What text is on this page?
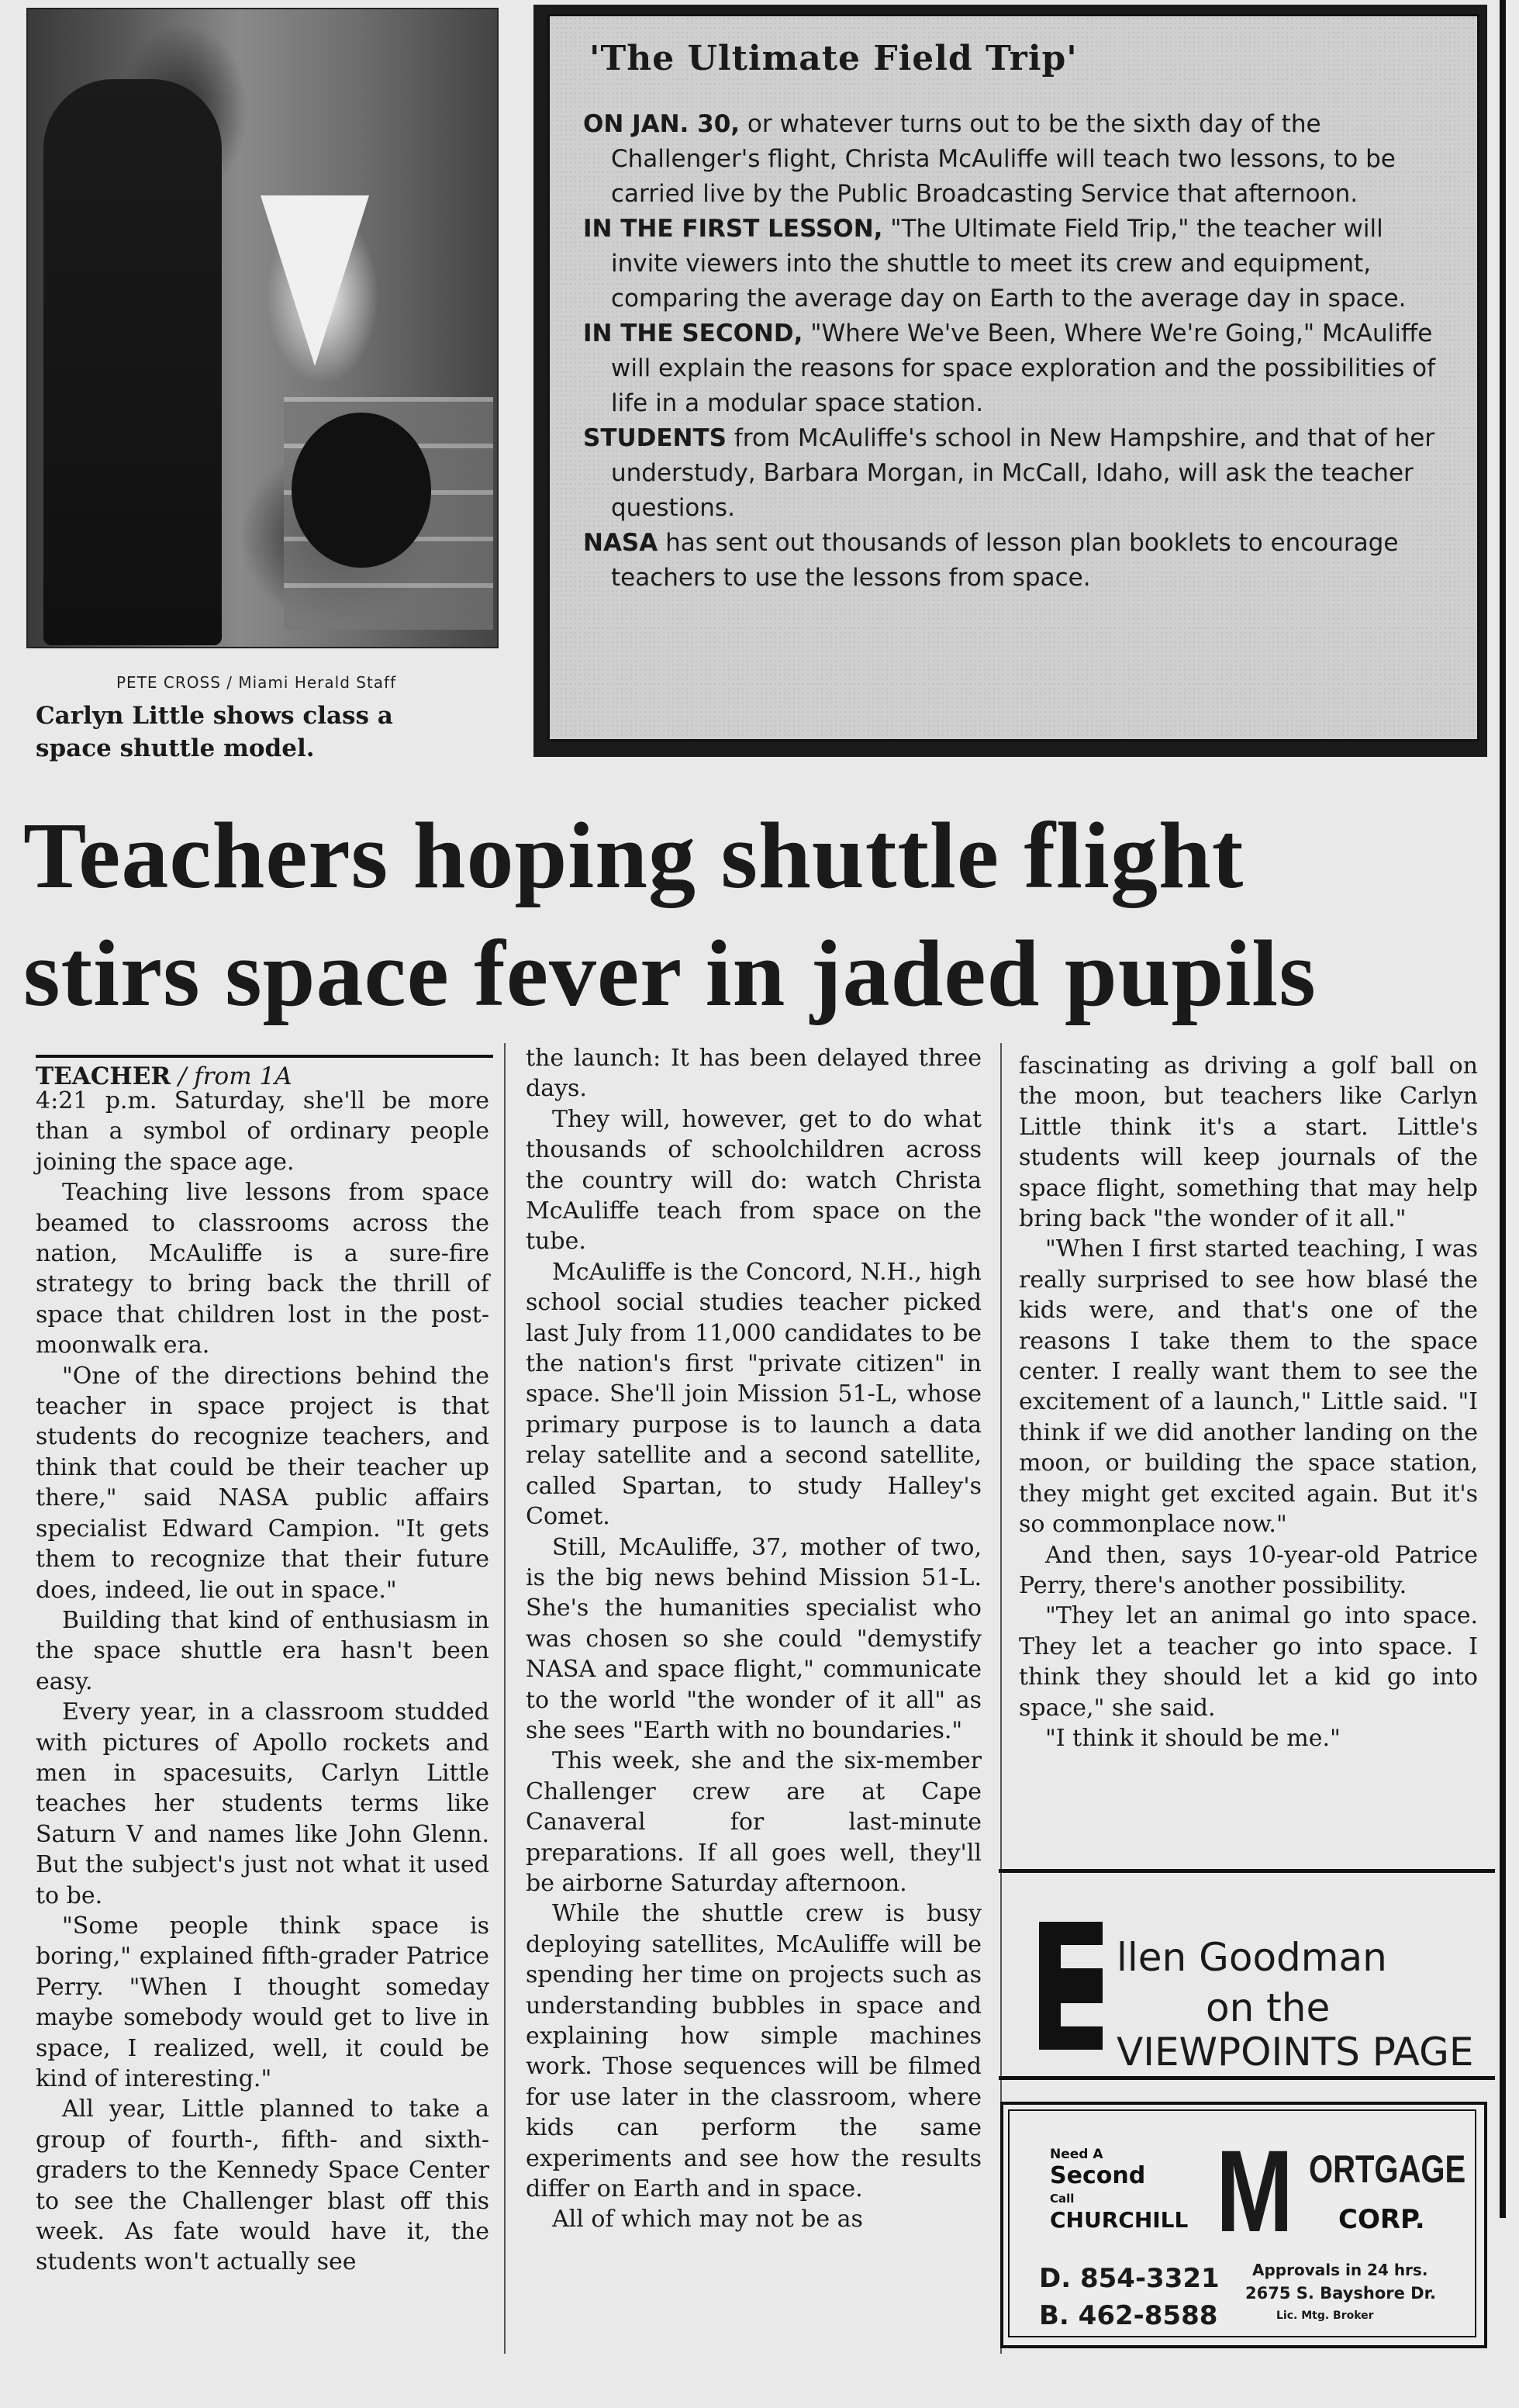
PETE CROSS / Miami Herald Staff
Carlyn Little shows class a
space shuttle model.
'The Ultimate Field Trip'

ON JAN. 30, or whatever turns out to be the sixth day of the Challenger's flight, Christa McAuliffe will teach two lessons, to be carried live by the Public Broadcasting Service that afternoon.

IN THE FIRST LESSON, "The Ultimate Field Trip," the teacher will invite viewers into the shuttle to meet its crew and equipment, comparing the average day on Earth to the average day in space.

IN THE SECOND, "Where We've Been, Where We're Going," McAuliffe will explain the reasons for space exploration and the possibilities of life in a modular space station.

STUDENTS from McAuliffe's school in New Hampshire, and that of her understudy, Barbara Morgan, in McCall, Idaho, will ask the teacher questions.

NASA has sent out thousands of lesson plan booklets to encourage teachers to use the lessons from space.

Teachers hoping shuttle flight
stirs space fever in jaded pupils
TEACHER / from 1A

4:21 p.m. Saturday, she'll be more than a symbol of ordinary people joining the space age.

Teaching live lessons from space beamed to classrooms across the nation, McAuliffe is a sure-fire strategy to bring back the thrill of space that children lost in the post-moonwalk era.

"One of the directions behind the teacher in space project is that students do recognize teachers, and think that could be their teacher up there," said NASA public affairs specialist Edward Campion. "It gets them to recognize that their future does, indeed, lie out in space."

Building that kind of enthusiasm in the space shuttle era hasn't been easy.

Every year, in a classroom studded with pictures of Apollo rockets and men in spacesuits, Carlyn Little teaches her students terms like Saturn V and names like John Glenn. But the subject's just not what it used to be.

"Some people think space is boring," explained fifth-grader Patrice Perry. "When I thought someday maybe somebody would get to live in space, I realized, well, it could be kind of interesting."

All year, Little planned to take a group of fourth-, fifth- and sixth-graders to the Kennedy Space Center to see the Challenger blast off this week. As fate would have it, the students won't actually see

the launch: It has been delayed three days.

They will, however, get to do what thousands of schoolchildren across the country will do: watch Christa McAuliffe teach from space on the tube.

McAuliffe is the Concord, N.H., high school social studies teacher picked last July from 11,000 candidates to be the nation's first "private citizen" in space. She'll join Mission 51-L, whose primary purpose is to launch a data relay satellite and a second satellite, called Spartan, to study Halley's Comet.

Still, McAuliffe, 37, mother of two, is the big news behind Mission 51-L. She's the humanities specialist who was chosen so she could "demystify NASA and space flight," communicate to the world "the wonder of it all" as she sees "Earth with no boundaries."

This week, she and the six-member Challenger crew are at Cape Canaveral for last-minute preparations. If all goes well, they'll be airborne Saturday afternoon.

While the shuttle crew is busy deploying satellites, McAuliffe will be spending her time on projects such as understanding bubbles in space and explaining how simple machines work. Those sequences will be filmed for use later in the classroom, where kids can perform the same experiments and see how the results differ on Earth and in space.

All of which may not be as

fascinating as driving a golf ball on the moon, but teachers like Carlyn Little think it's a start. Little's students will keep journals of the space flight, something that may help bring back "the wonder of it all."

"When I first started teaching, I was really surprised to see how blasé the kids were, and that's one of the reasons I take them to the space center. I really want them to see the excitement of a launch," Little said. "I think if we did another landing on the moon, or building the space station, they might get excited again. But it's so commonplace now."

And then, says 10-year-old Patrice Perry, there's another possibility.

"They let an animal go into space. They let a teacher go into space. I think they should let a kid go into space," she said.

"I think it should be me."

llen Goodman
on the
VIEWPOINTS PAGE
Need A
Second
Call
CHURCHILL M ORTGAGE
CORP.
D. 854-3321
B. 462-8588
Approvals in 24 hrs.
2675 S. Bayshore Dr.
Lic. Mtg. Broker
